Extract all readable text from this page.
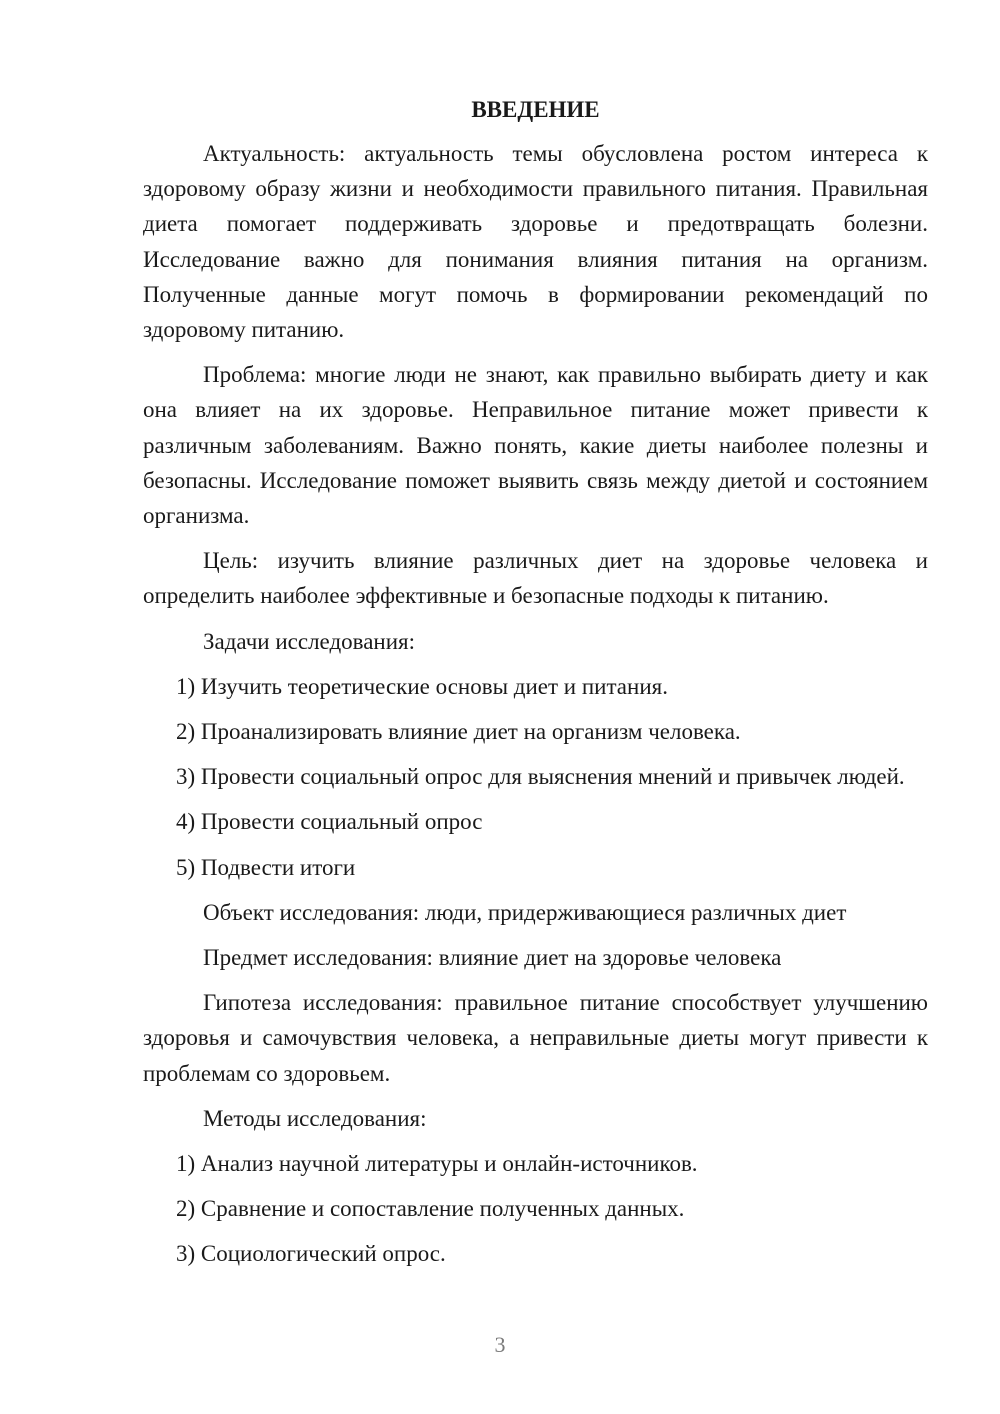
ВВЕДЕНИЕ

Актуальность: актуальность темы обусловлена ростом интереса к здоровому образу жизни и необходимости правильного питания. Правильная диета помогает поддерживать здоровье и предотвращать болезни. Исследование важно для понимания влияния питания на организм. Полученные данные могут помочь в формировании рекомендаций по здоровому питанию.

Проблема: многие люди не знают, как правильно выбирать диету и как она влияет на их здоровье. Неправильное питание может привести к различным заболеваниям. Важно понять, какие диеты наиболее полезны и безопасны. Исследование поможет выявить связь между диетой и состоянием организма.

Цель: изучить влияние различных диет на здоровье человека и определить наиболее эффективные и безопасные подходы к питанию.

Задачи исследования:

1) Изучить теоретические основы диет и питания.

2) Проанализировать влияние диет на организм человека.

3) Провести социальный опрос для выяснения мнений и привычек людей.

4) Провести социальный опрос

5) Подвести итоги

Объект исследования: люди, придерживающиеся различных диет

Предмет исследования: влияние диет на здоровье человека

Гипотеза исследования: правильное питание способствует улучшению здоровья и самочувствия человека, а неправильные диеты могут привести к проблемам со здоровьем.

Методы исследования:

1) Анализ научной литературы и онлайн-источников.

2) Сравнение и сопоставление полученных данных.

3) Социологический опрос.

3
